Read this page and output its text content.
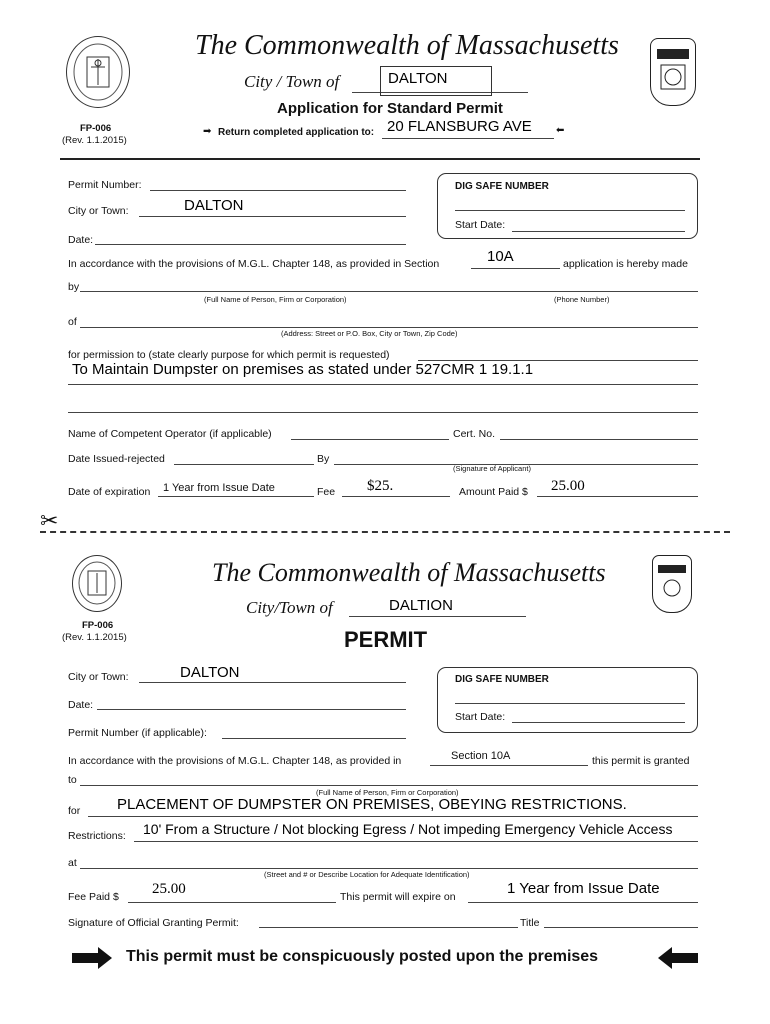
The Commonwealth of Massachusetts
City / Town of	DALTON
Application for Standard Permit
FP-006
(Rev. 1.1.2015)
➡ Return completed application to: 20 FLANSBURG AVE ⬅
DIG SAFE NUMBER
Start Date:
Permit Number:
City or Town:	DALTON
Date:
In accordance with the provisions of M.G.L. Chapter 148, as provided in Section	10A	application is hereby made
by
(Full Name of Person, Firm or Corporation)	(Phone Number)
of
(Address: Street or P.O. Box, City or Town, Zip Code)
for permission to (state clearly purpose for which permit is requested)
To Maintain Dumpster on premises as stated under 527CMR 1 19.1.1
Name of Competent Operator (if applicable)	Cert. No.
Date Issued-rejected	By
(Signature of Applicant)
Date of expiration 1 Year from Issue Date	Fee $25.	Amount Paid $ 25.00
✂
The Commonwealth of Massachusetts
City/Town of	DALTION
FP-006
(Rev. 1.1.2015)	PERMIT
DIG SAFE NUMBER
Start Date:
City or Town:	DALTON
Date:
Permit Number (if applicable):
In accordance with the provisions of M.G.L. Chapter 148, as provided in	Section 10A	this permit is granted
to
(Full Name of Person, Firm or Corporation)
for PLACEMENT OF DUMPSTER ON PREMISES, OBEYING RESTRICTIONS.
Restrictions: 10' From a Structure / Not blocking Egress / Not impeding Emergency Vehicle Access
at
(Street and # or Describe Location for Adequate Identification)
Fee Paid $ 25.00	This permit will expire on	1 Year from Issue Date
Signature of Official Granting Permit:	Title
This permit must be conspicuously posted upon the premises
